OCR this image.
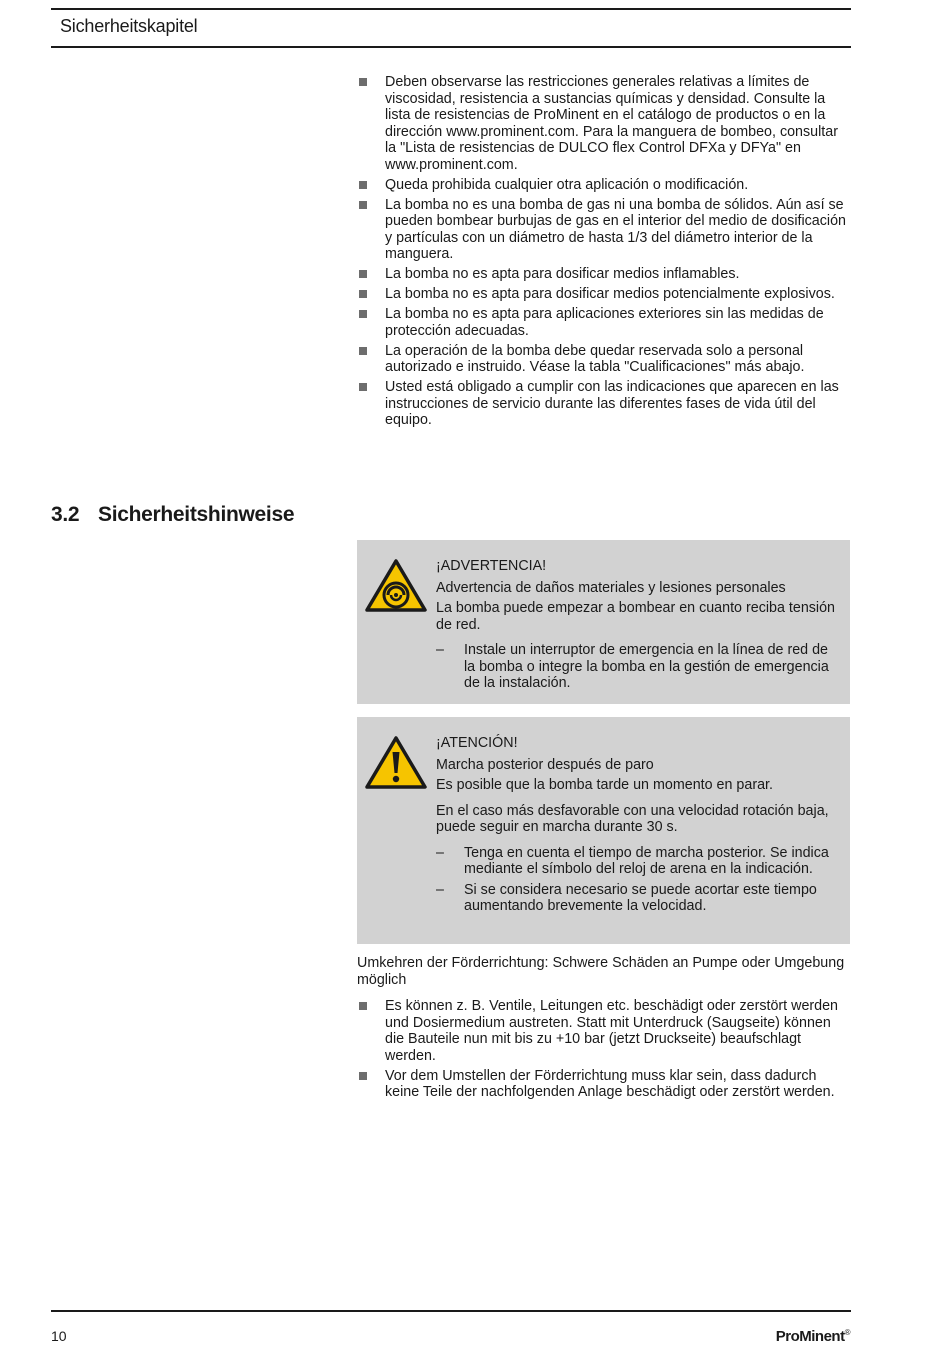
Sicherheitskapitel
Deben observarse las restricciones generales relativas a límites de viscosidad, resistencia a sustancias químicas y densidad. Consulte la lista de resistencias de ProMinent en el catálogo de productos o en la dirección www.prominent.com. Para la manguera de bombeo, consultar la "Lista de resistencias de DULCO flex Control DFXa y DFYa" en www.prominent.com.
Queda prohibida cualquier otra aplicación o modificación.
La bomba no es una bomba de gas ni una bomba de sólidos. Aún así se pueden bombear burbujas de gas en el interior del medio de dosificación y partículas con un diámetro de hasta 1/3 del diámetro interior de la manguera.
La bomba no es apta para dosificar medios inflamables.
La bomba no es apta para dosificar medios potencialmente explosivos.
La bomba no es apta para aplicaciones exteriores sin las medidas de protección adecuadas.
La operación de la bomba debe quedar reservada solo a personal autorizado e instruido. Véase la tabla "Cualificaciones" más abajo.
Usted está obligado a cumplir con las indicaciones que aparecen en las instrucciones de servicio durante las diferentes fases de vida útil del equipo.
3.2 Sicherheitshinweise
¡ADVERTENCIA!
Advertencia de daños materiales y lesiones personales
La bomba puede empezar a bombear en cuanto reciba tensión de red.
– Instale un interruptor de emergencia en la línea de red de la bomba o integre la bomba en la gestión de emergencia de la instalación.
¡ATENCIÓN!
Marcha posterior después de paro
Es posible que la bomba tarde un momento en parar.
En el caso más desfavorable con una velocidad rotación baja, puede seguir en marcha durante 30 s.
– Tenga en cuenta el tiempo de marcha posterior. Se indica mediante el símbolo del reloj de arena en la indicación.
– Si se considera necesario se puede acortar este tiempo aumentando brevemente la velocidad.
Umkehren der Förderrichtung: Schwere Schäden an Pumpe oder Umgebung möglich
Es können z. B. Ventile, Leitungen etc. beschädigt oder zerstört werden und Dosiermedium austreten. Statt mit Unterdruck (Saugseite) können die Bauteile nun mit bis zu +10 bar (jetzt Druckseite) beaufschlagt werden.
Vor dem Umstellen der Förderrichtung muss klar sein, dass dadurch keine Teile der nachfolgenden Anlage beschädigt oder zerstört werden.
10	ProMinent®
